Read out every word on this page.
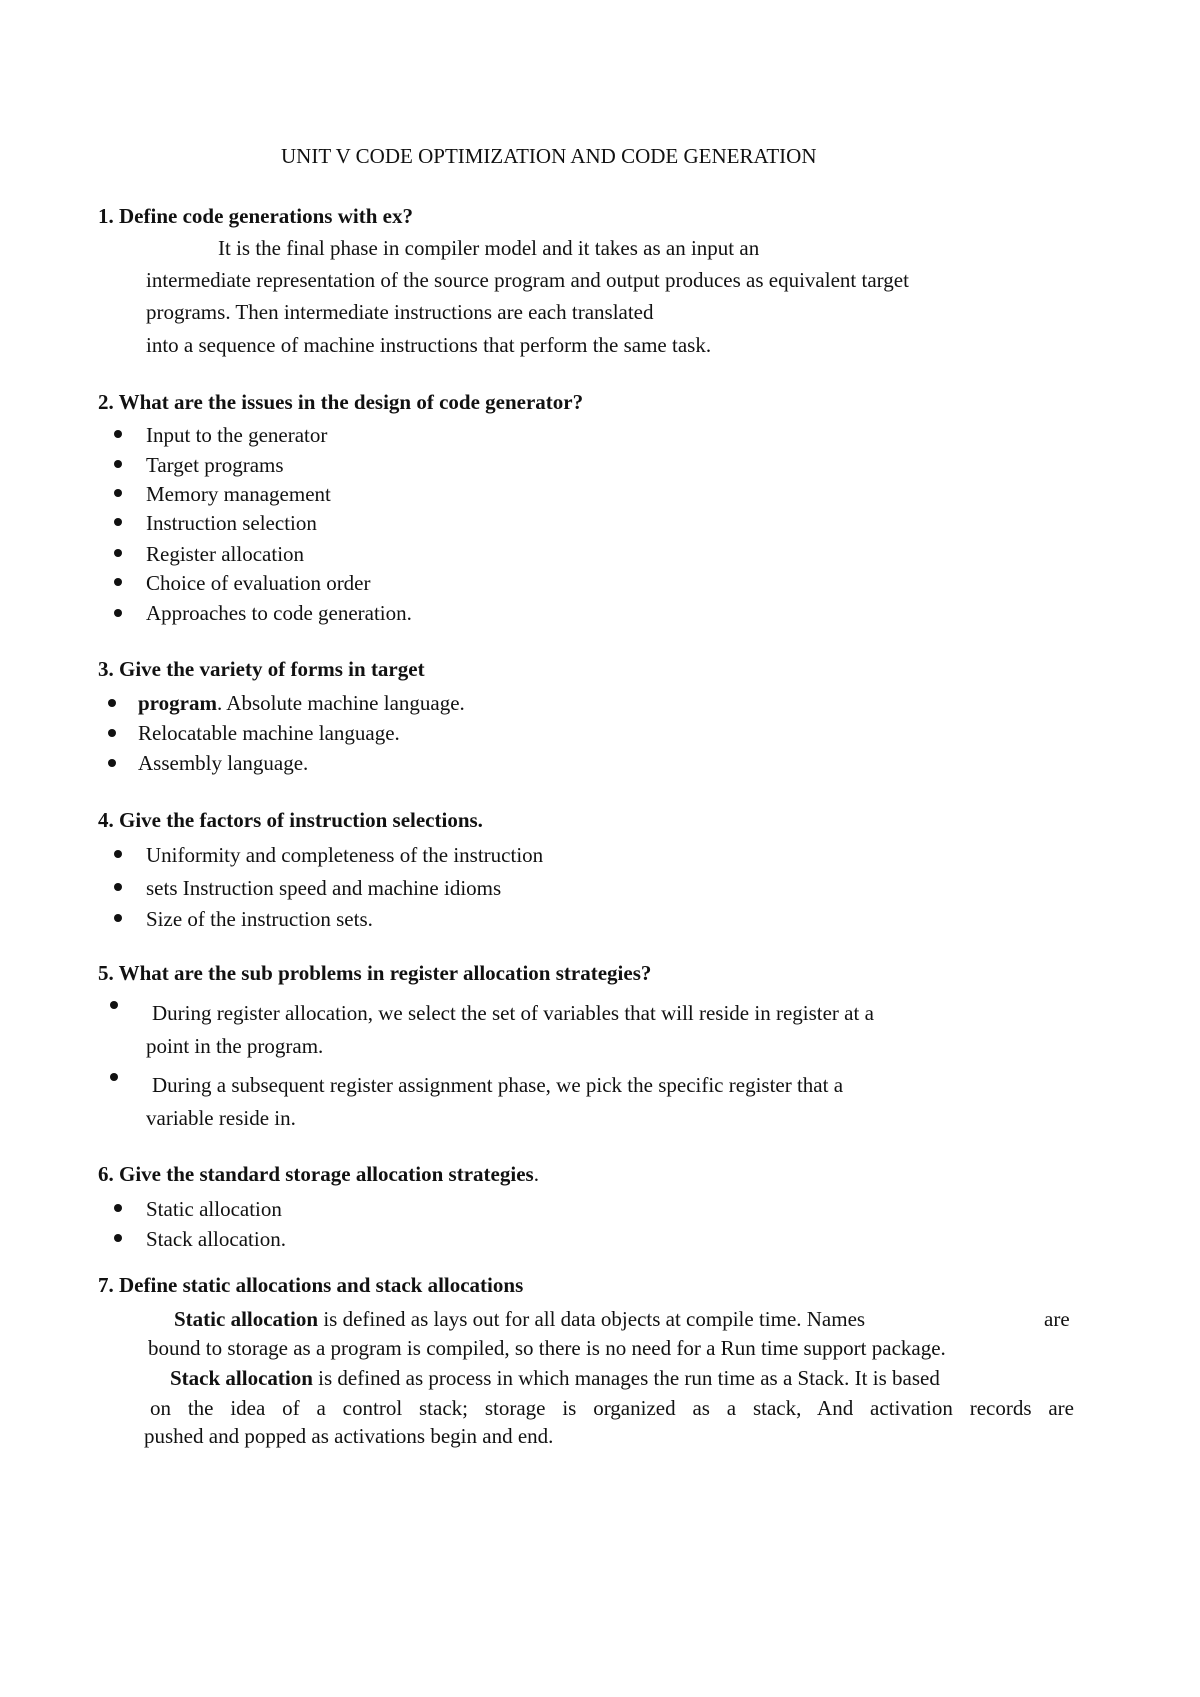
UNIT V CODE OPTIMIZATION AND CODE GENERATION
1. Define code generations with ex?
It is the final phase in compiler model and it takes as an input an
intermediate representation of the source program and output produces as equivalent target
programs. Then intermediate instructions are each translated
into a sequence of machine instructions that perform the same task.
2. What are the issues in the design of code generator?
Input to the generator
Target programs
Memory management
Instruction selection
Register allocation
Choice of evaluation order
Approaches to code generation.
3. Give the variety of forms in target
program. Absolute machine language.
Relocatable machine language.
Assembly language.
4. Give the factors of instruction selections.
Uniformity and completeness of the instruction
sets Instruction speed and machine idioms
Size of the instruction sets.
5. What are the sub problems in register allocation strategies?
During register allocation, we select the set of variables that will reside in register at a
point in the program.
During a subsequent register assignment phase, we pick the specific register that a
variable reside in.
6. Give the standard storage allocation strategies.
Static allocation
Stack allocation.
7. Define static allocations and stack allocations
Static allocation is defined as lays out for all data objects at compile time. Names	are
bound to storage as a program is compiled, so there is no need for a Run time support package.
Stack allocation is defined as process in which manages the run time as a Stack. It is based
on the idea of a control stack; storage is organized as a stack, And activation records are
pushed and popped as activations begin and end.
